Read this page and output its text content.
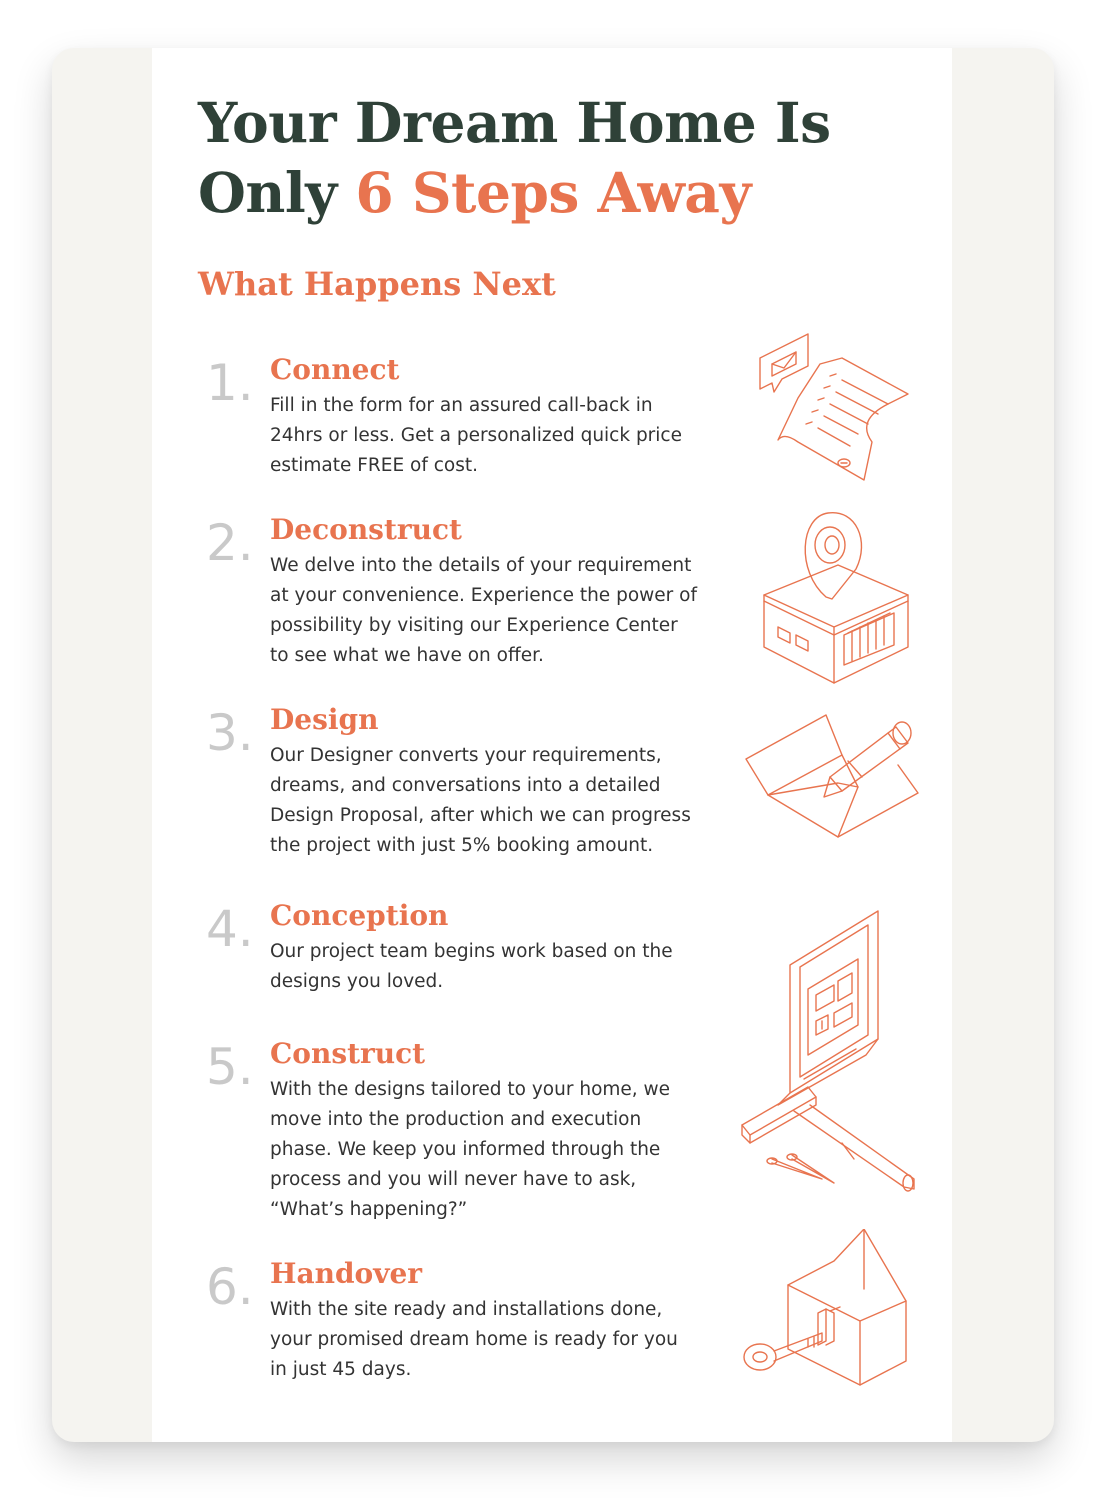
Your Dream Home Is
Only 6 Steps Away
What Happens Next
1. Connect

Fill in the form for an assured call-back in
24hrs or less. Get a personalized quick price
estimate FREE of cost.

2. Deconstruct

We delve into the details of your requirement
at your convenience. Experience the power of
possibility by visiting our Experience Center
to see what we have on offer.

3. Design

Our Designer converts your requirements,
dreams, and conversations into a detailed
Design Proposal, after which we can progress
the project with just 5% booking amount.

4. Conception

Our project team begins work based on the
designs you loved.

5. Construct

With the designs tailored to your home, we
move into the production and execution
phase. We keep you informed through the
process and you will never have to ask,
“What’s happening?”

6. Handover

With the site ready and installations done,
your promised dream home is ready for you
in just 45 days.
